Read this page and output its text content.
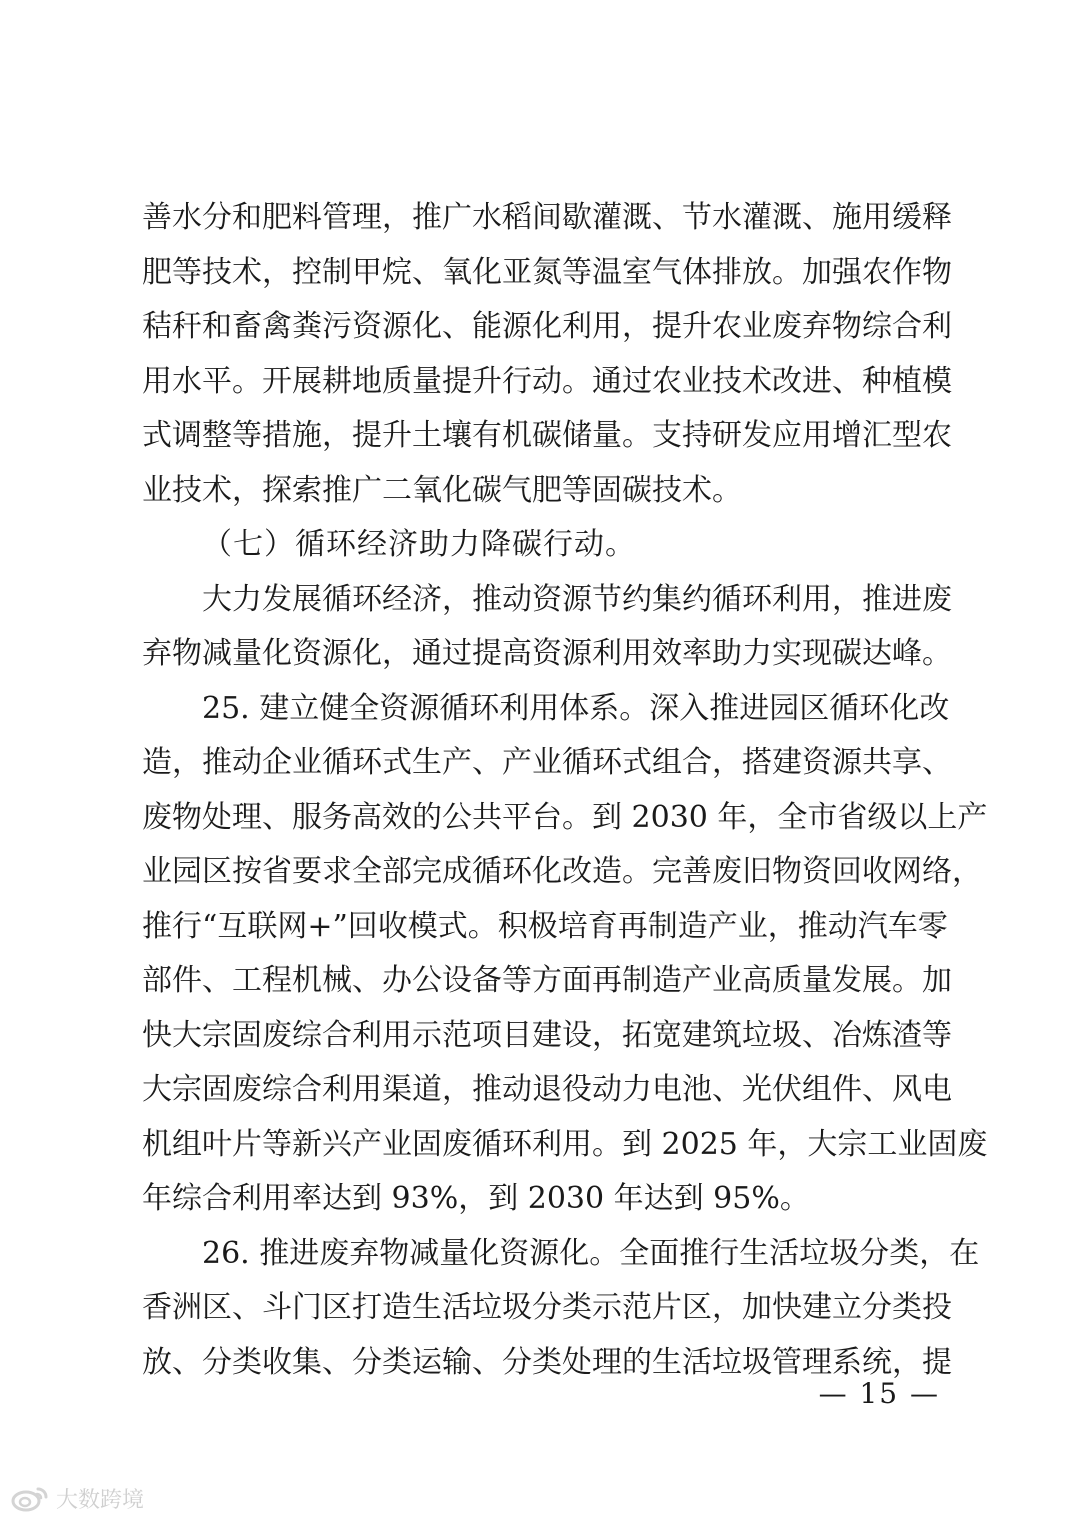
善水分和肥料管理，推广水稻间歇灌溉、节水灌溉、施用缓释
肥等技术，控制甲烷、氧化亚氮等温室气体排放。加强农作物
秸秆和畜禽粪污资源化、能源化利用，提升农业废弃物综合利
用水平。开展耕地质量提升行动。通过农业技术改进、种植模
式调整等措施，提升土壤有机碳储量。支持研发应用增汇型农
业技术，探索推广二氧化碳气肥等固碳技术。
（七）循环经济助力降碳行动。
大力发展循环经济，推动资源节约集约循环利用，推进废
弃物减量化资源化，通过提高资源利用效率助力实现碳达峰。
25. 建立健全资源循环利用体系。深入推进园区循环化改
造，推动企业循环式生产、产业循环式组合，搭建资源共享、
废物处理、服务高效的公共平台。到 2030 年，全市省级以上产
业园区按省要求全部完成循环化改造。完善废旧物资回收网络，
推行“互联网+”回收模式。积极培育再制造产业，推动汽车零
部件、工程机械、办公设备等方面再制造产业高质量发展。加
快大宗固废综合利用示范项目建设，拓宽建筑垃圾、冶炼渣等
大宗固废综合利用渠道，推动退役动力电池、光伏组件、风电
机组叶片等新兴产业固废循环利用。到 2025 年，大宗工业固废
年综合利用率达到 93%，到 2030 年达到 95%。
26. 推进废弃物减量化资源化。全面推行生活垃圾分类，在
香洲区、斗门区打造生活垃圾分类示范片区，加快建立分类投
放、分类收集、分类运输、分类处理的生活垃圾管理系统，提
— 15 —
大数跨境
